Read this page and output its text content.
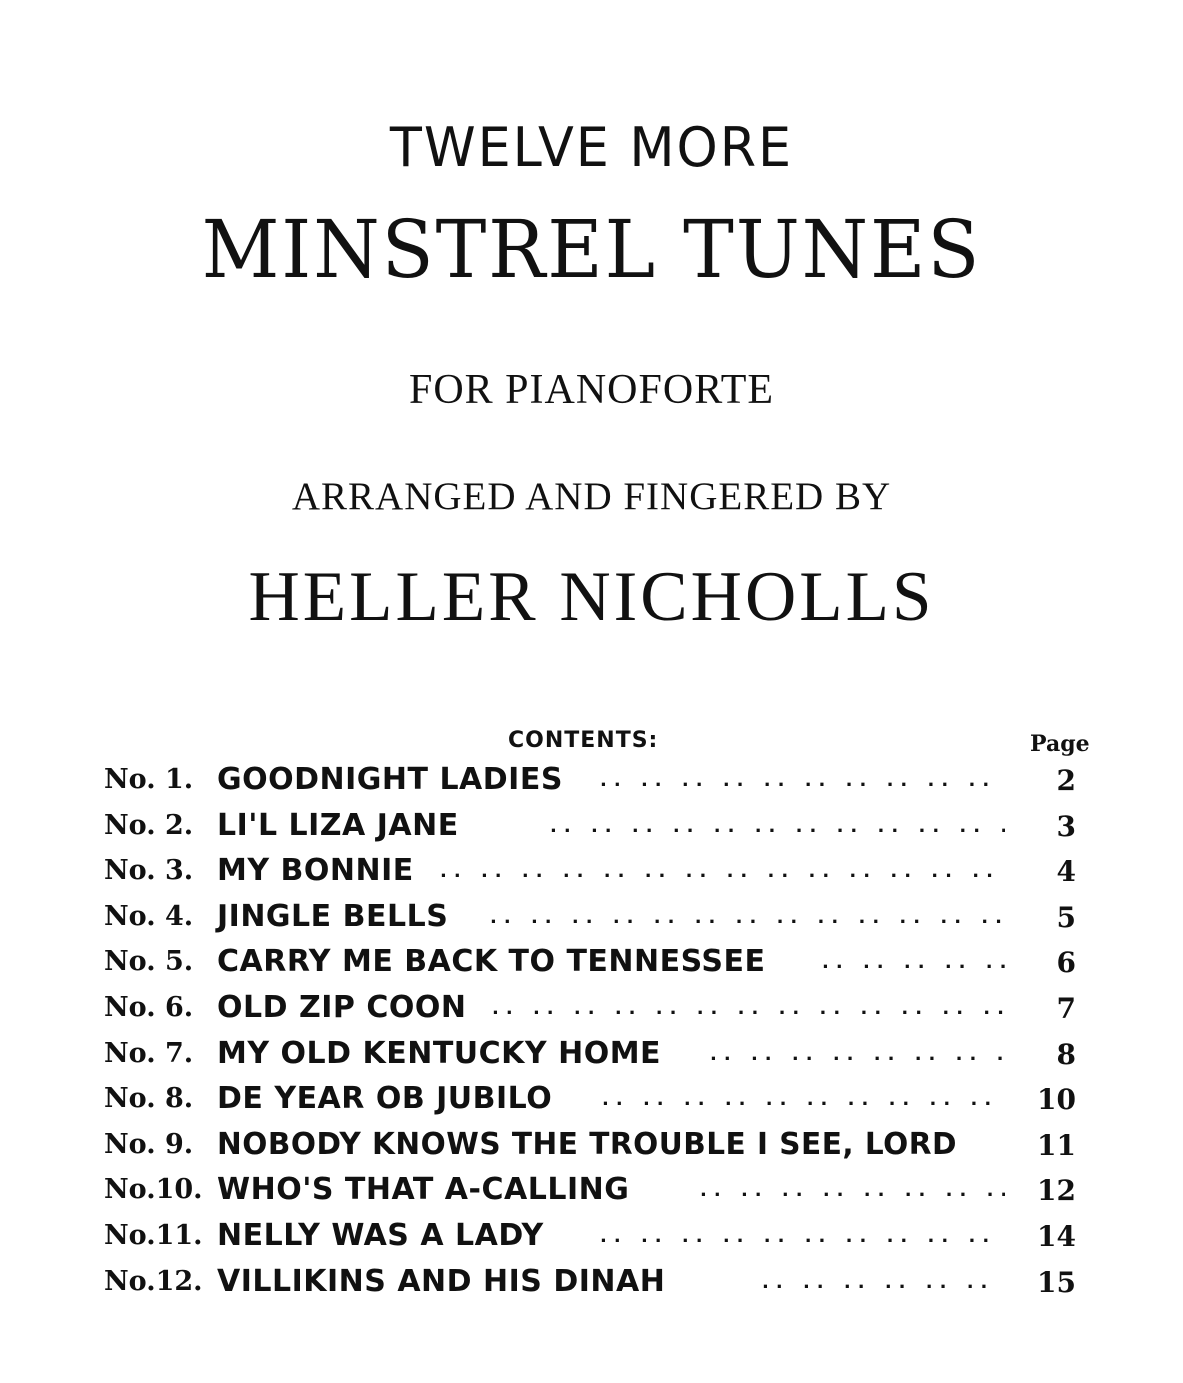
TWELVE MORE
MINSTREL TUNES
FOR PIANOFORTE
ARRANGED AND FINGERED BY
HELLER NICHOLLS
CONTENTS:	Page
No. 1. GOODNIGHT LADIES .. ..	2
No. 2. LI'L LIZA JANE .. ..	3
No. 3. MY BONNIE .. ..	4
No. 4. JINGLE BELLS .. ..	5
No. 5. CARRY ME BACK TO TENNESSEE .. ..	6
No. 6. OLD ZIP COON .. ..	7
No. 7. MY OLD KENTUCKY HOME .. ..	8
No. 8. DE YEAR OB JUBILO .. ..	10
No. 9. NOBODY KNOWS THE TROUBLE I SEE, LORD	11
No.10. WHO'S THAT A-CALLING .. ..	12
No.11. NELLY WAS A LADY .. ..	14
No.12. VILLIKINS AND HIS DINAH .. ..	15
